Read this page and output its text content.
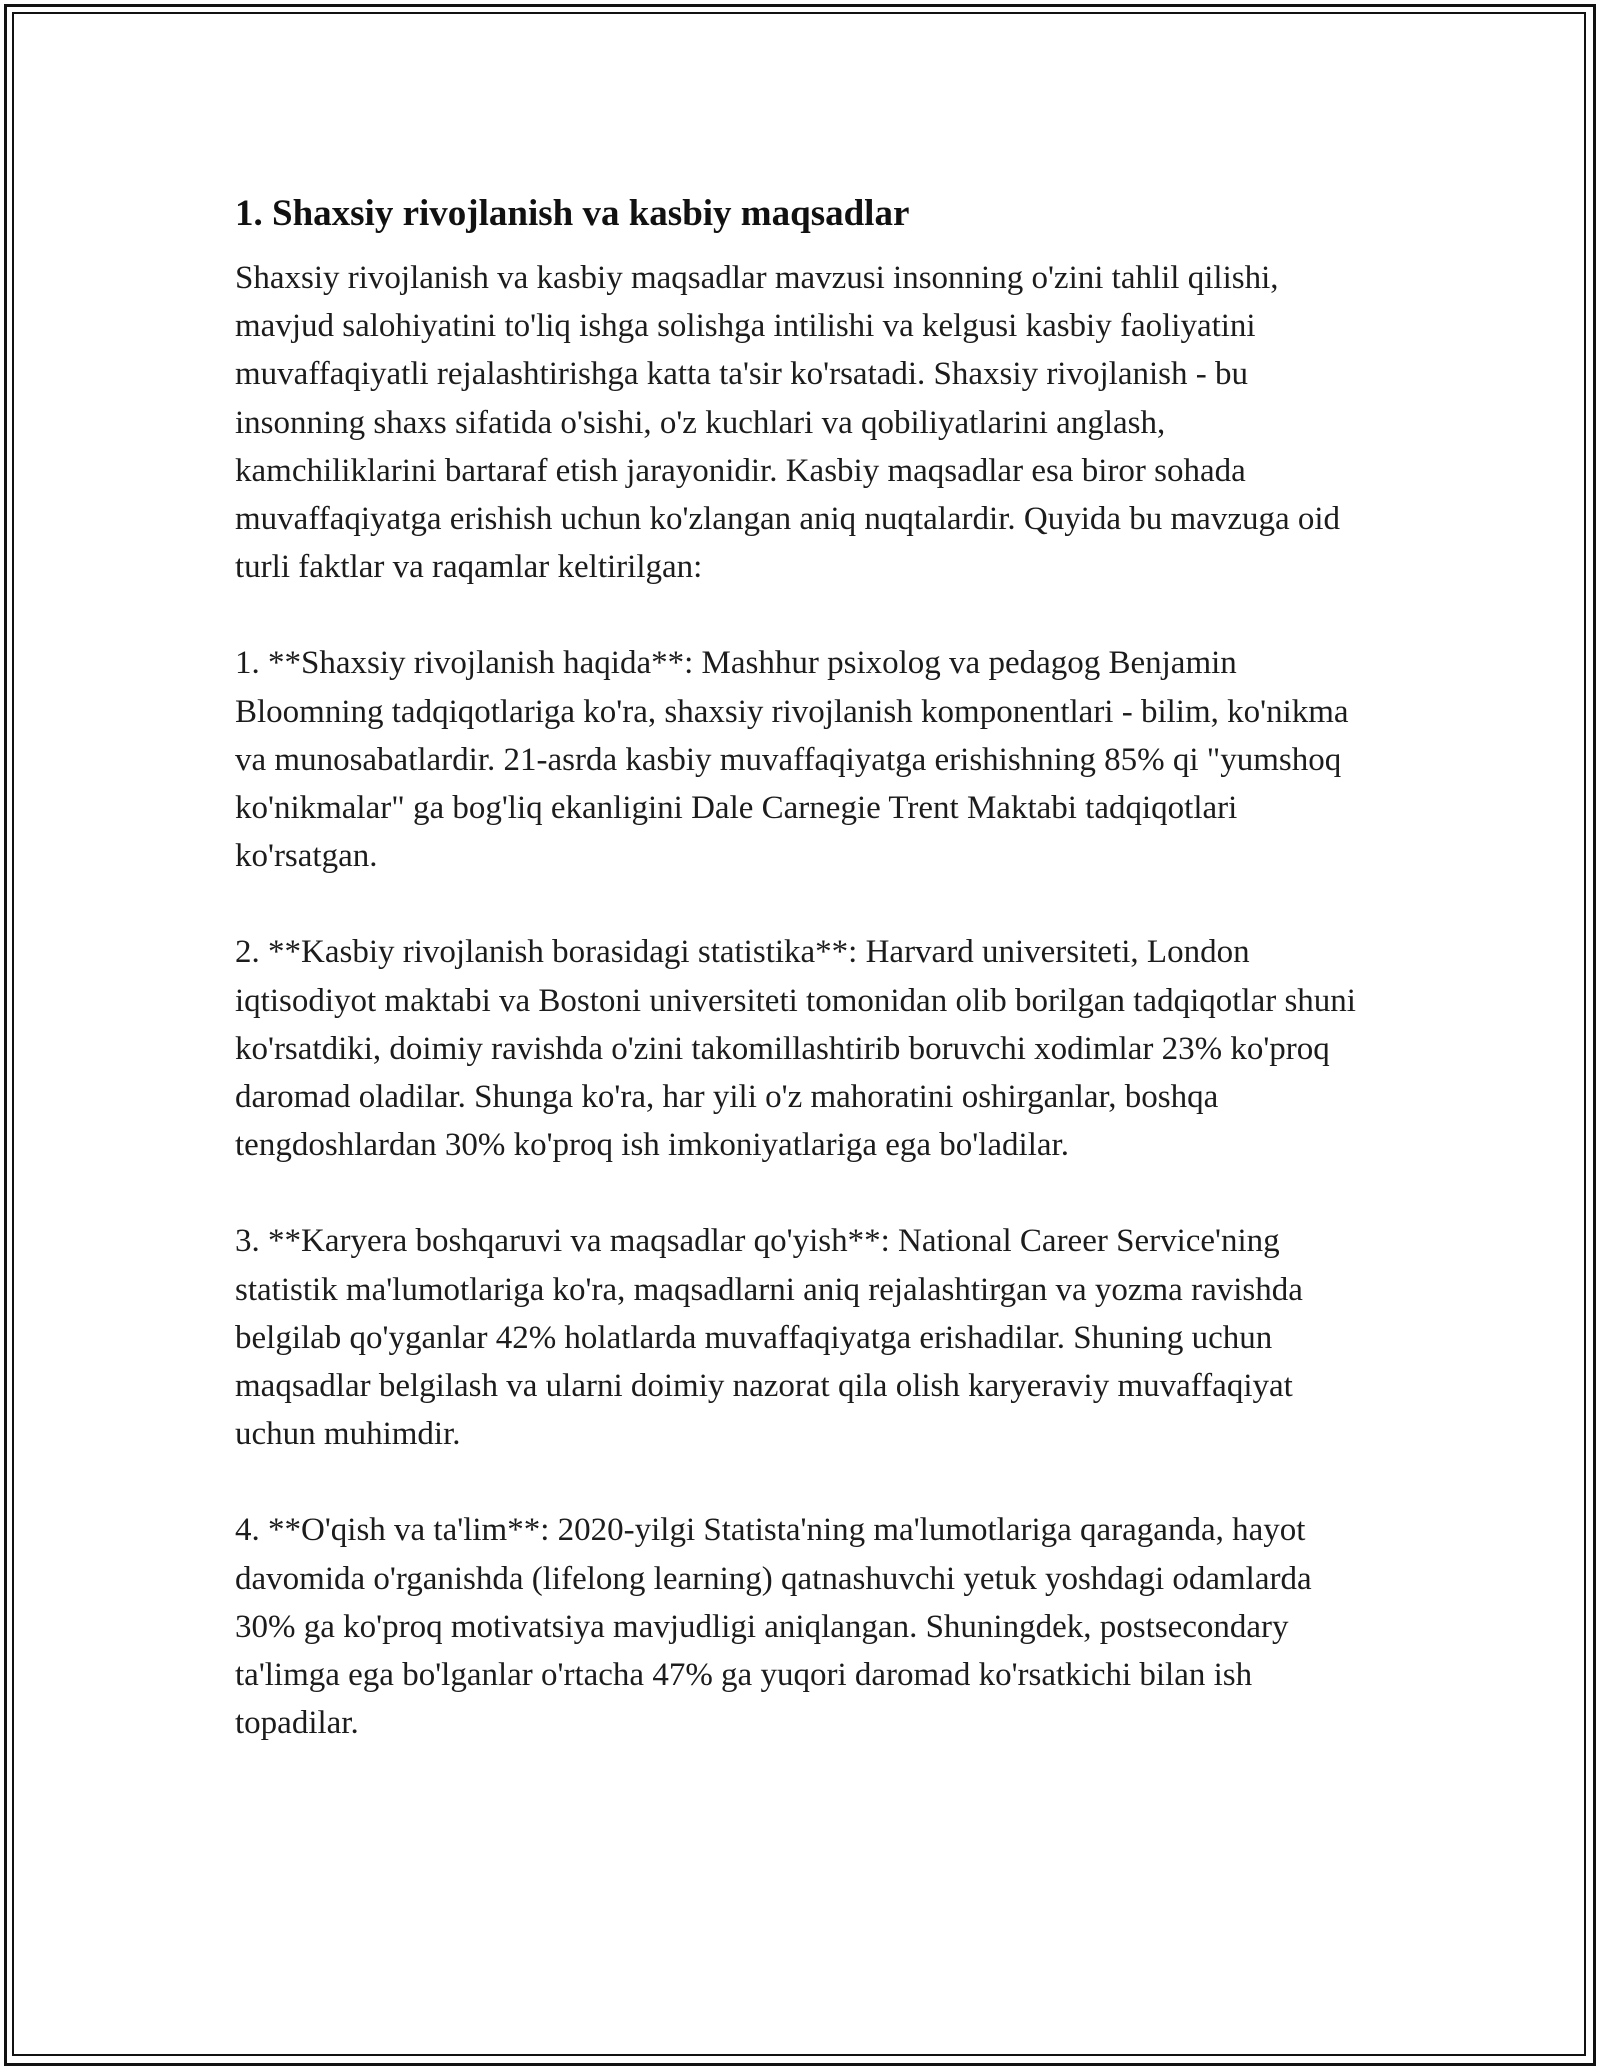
1. Shaxsiy rivojlanish va kasbiy maqsadlar

Shaxsiy rivojlanish va kasbiy maqsadlar mavzusi insonning o'zini tahlil qilishi, mavjud salohiyatini to'liq ishga solishga intilishi va kelgusi kasbiy faoliyatini muvaffaqiyatli rejalashtirishga katta ta'sir ko'rsatadi. Shaxsiy rivojlanish - bu insonning shaxs sifatida o'sishi, o'z kuchlari va qobiliyatlarini anglash, kamchiliklarini bartaraf etish jarayonidir. Kasbiy maqsadlar esa biror sohada muvaffaqiyatga erishish uchun ko'zlangan aniq nuqtalardir. Quyida bu mavzuga oid turli faktlar va raqamlar keltirilgan:

1. **Shaxsiy rivojlanish haqida**: Mashhur psixolog va pedagog Benjamin Bloomning tadqiqotlariga ko'ra, shaxsiy rivojlanish komponentlari - bilim, ko'nikma va munosabatlardir. 21-asrda kasbiy muvaffaqiyatga erishishning 85% qi "yumshoq ko'nikmalar" ga bog'liq ekanligini Dale Carnegie Trent Maktabi tadqiqotlari ko'rsatgan.

2. **Kasbiy rivojlanish borasidagi statistika**: Harvard universiteti, London iqtisodiyot maktabi va Bostoni universiteti tomonidan olib borilgan tadqiqotlar shuni ko'rsatdiki, doimiy ravishda o'zini takomillashtirib boruvchi xodimlar 23% ko'proq daromad oladilar. Shunga ko'ra, har yili o'z mahoratini oshirganlar, boshqa tengdoshlardan 30% ko'proq ish imkoniyatlariga ega bo'ladilar.

3. **Karyera boshqaruvi va maqsadlar qo'yish**: National Career Service'ning statistik ma'lumotlariga ko'ra, maqsadlarni aniq rejalashtirgan va yozma ravishda belgilab qo'yganlar 42% holatlarda muvaffaqiyatga erishadilar. Shuning uchun maqsadlar belgilash va ularni doimiy nazorat qila olish karyeraviy muvaffaqiyat uchun muhimdir.

4. **O'qish va ta'lim**: 2020-yilgi Statista'ning ma'lumotlariga qaraganda, hayot davomida o'rganishda (lifelong learning) qatnashuvchi yetuk yoshdagi odamlarda 30% ga ko'proq motivatsiya mavjudligi aniqlangan. Shuningdek, postsecondary ta'limga ega bo'lganlar o'rtacha 47% ga yuqori daromad ko'rsatkichi bilan ish topadilar.
